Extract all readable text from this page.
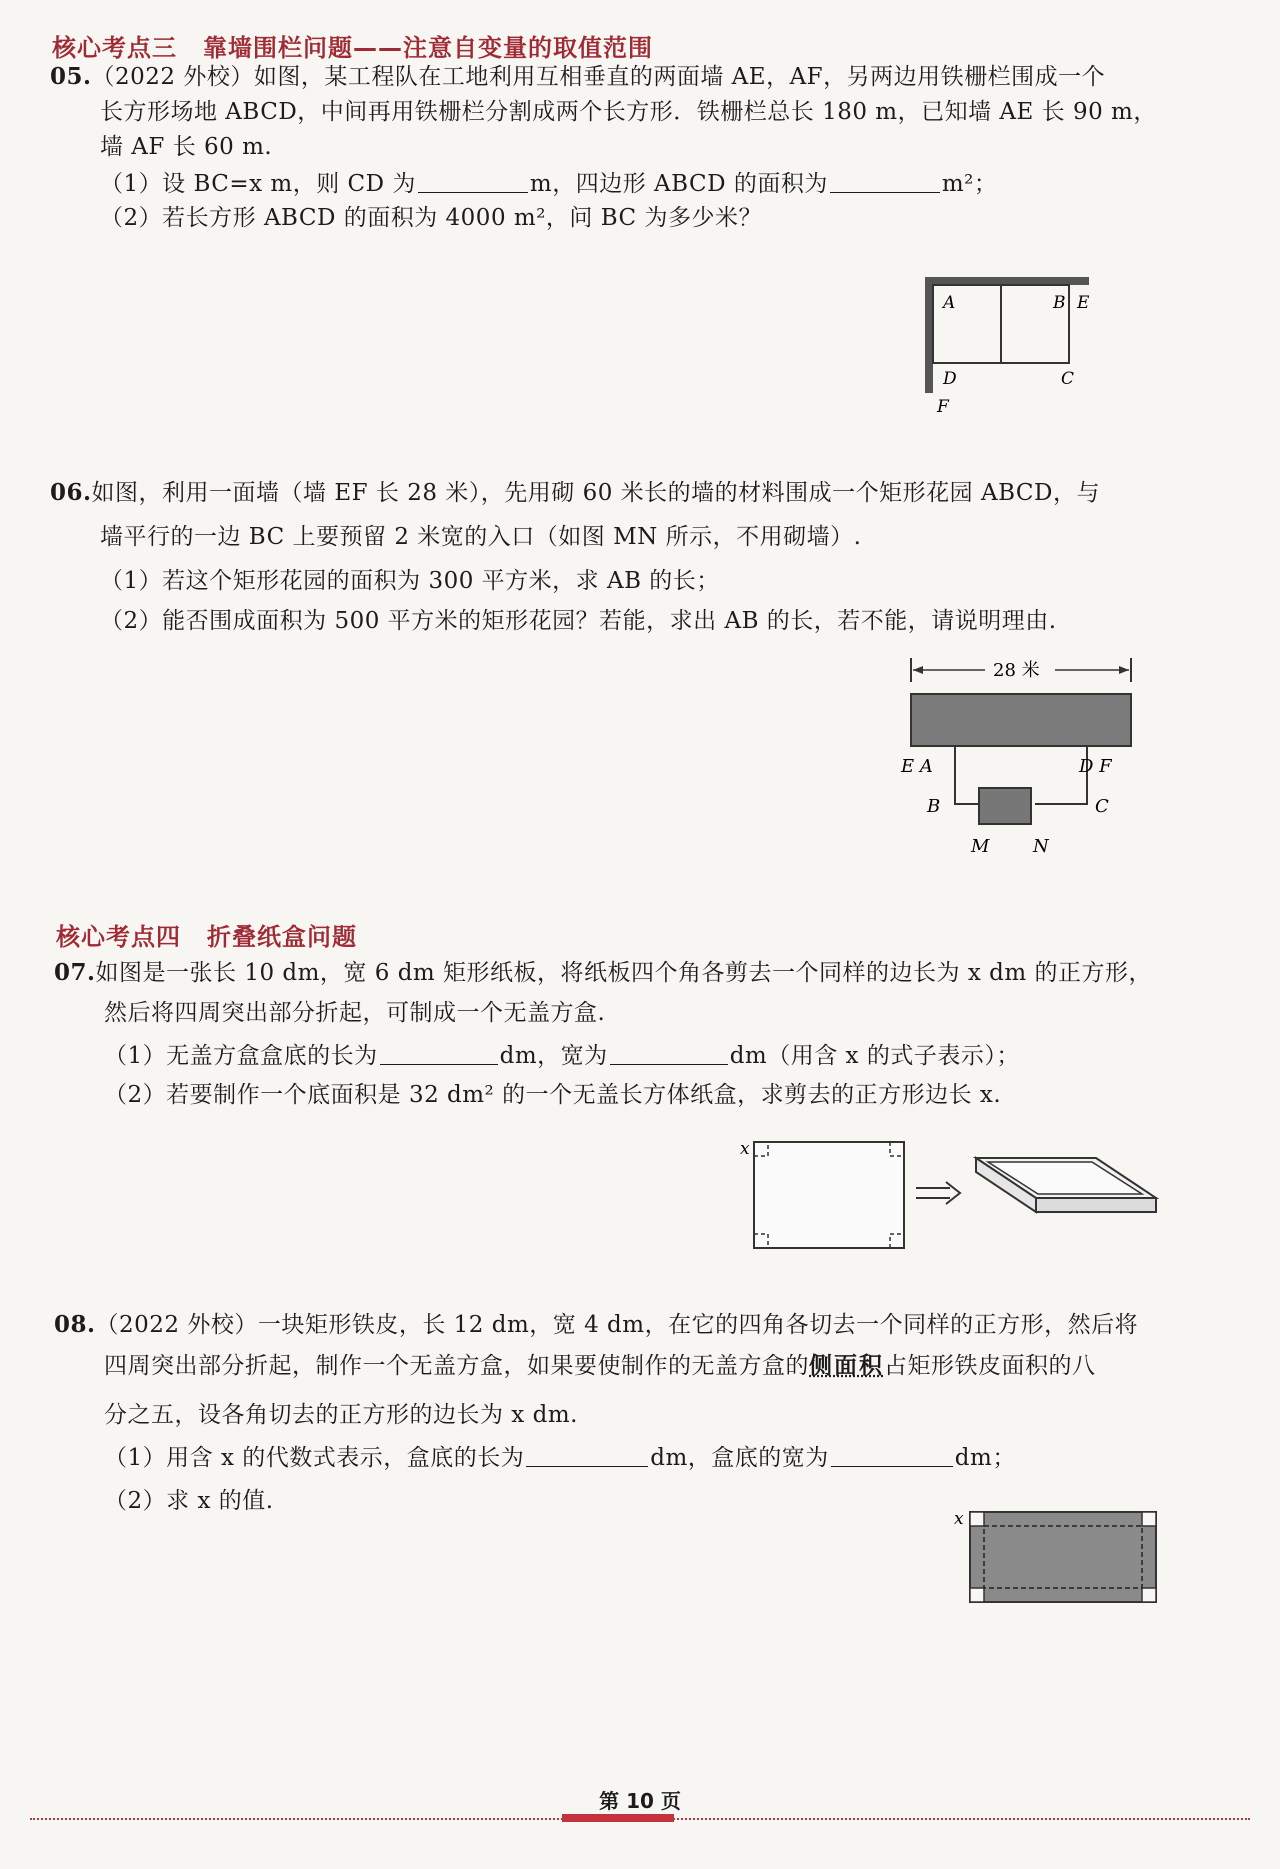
核心考点三 靠墙围栏问题——注意自变量的取值范围
05.（2022 外校）如图，某工程队在工地利用互相垂直的两面墙 AE，AF，另两边用铁栅栏围成一个
长方形场地 ABCD，中间再用铁栅栏分割成两个长方形．铁栅栏总长 180 m，已知墙 AE 长 90 m，
墙 AF 长 60 m.
（1）设 BC=x m，则 CD 为	m，四边形 ABCD 的面积为	m²；
（2）若长方形 ABCD 的面积为 4000 m²，问 BC 为多少米？
A	B E
D	C
F
06.如图，利用一面墙（墙 EF 长 28 米），先用砌 60 米长的墙的材料围成一个矩形花园 ABCD，与
墙平行的一边 BC 上要预留 2 米宽的入口（如图 MN 所示，不用砌墙）.
（1）若这个矩形花园的面积为 300 平方米，求 AB 的长；
（2）能否围成面积为 500 平方米的矩形花园？若能，求出 AB 的长，若不能，请说明理由.
28 米
E A	D F
B	C
M N
核心考点四 折叠纸盒问题
07.如图是一张长 10 dm，宽 6 dm 矩形纸板，将纸板四个角各剪去一个同样的边长为 x dm 的正方形，
然后将四周突出部分折起，可制成一个无盖方盒.
（1）无盖方盒盒底的长为	dm，宽为	dm（用含 x 的式子表示）；
（2）若要制作一个底面积是 32 dm² 的一个无盖长方体纸盒，求剪去的正方形边长 x.
x
08.（2022 外校）一块矩形铁皮，长 12 dm，宽 4 dm，在它的四角各切去一个同样的正方形，然后将
四周突出部分折起，制作一个无盖方盒，如果要使制作的无盖方盒的侧面积占矩形铁皮面积的八
分之五，设各角切去的正方形的边长为 x dm.
（1）用含 x 的代数式表示，盒底的长为	dm，盒底的宽为	dm；
（2）求 x 的值.
x
第 10 页
